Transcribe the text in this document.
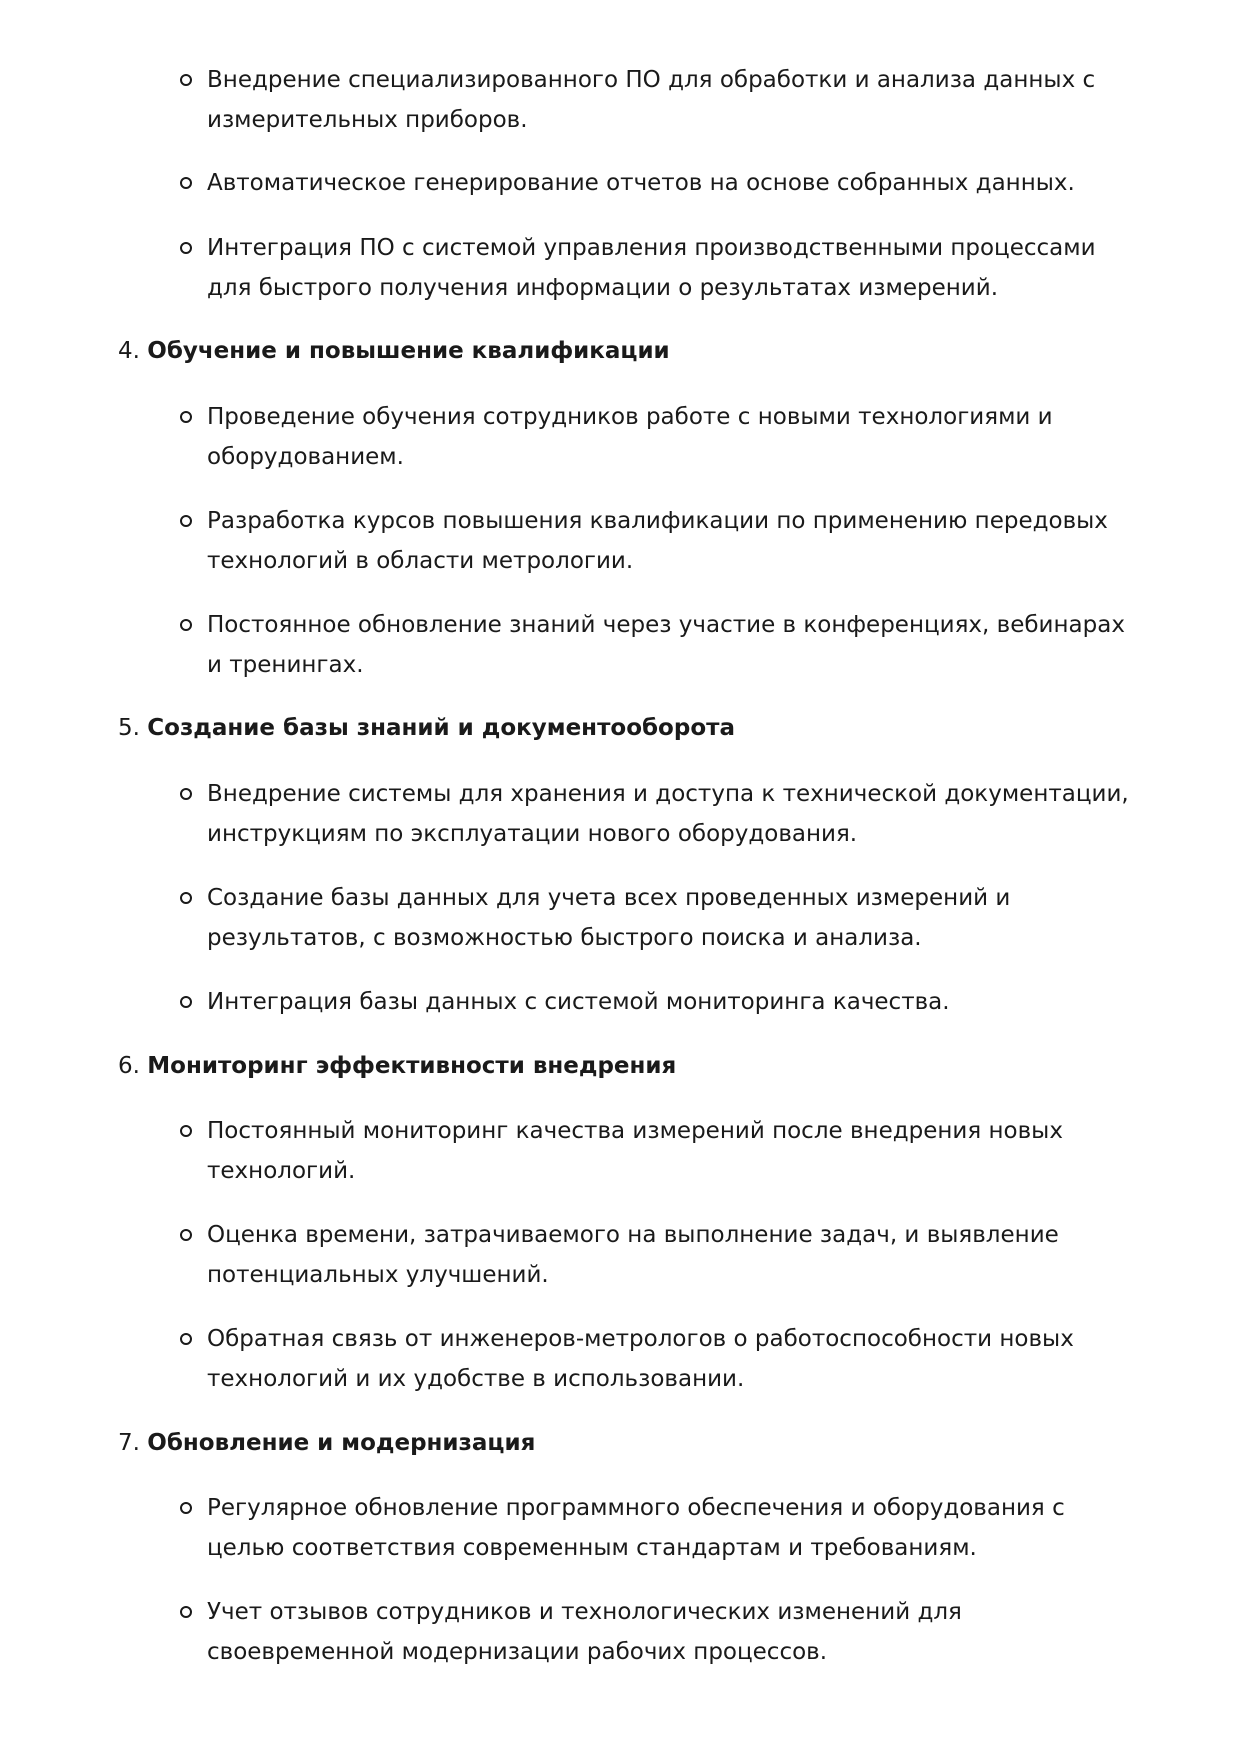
Внедрение специализированного ПО для обработки и анализа данных с измерительных приборов.
Автоматическое генерирование отчетов на основе собранных данных.
Интеграция ПО с системой управления производственными процессами для быстрого получения информации о результатах измерений.
4. Обучение и повышение квалификации
Проведение обучения сотрудников работе с новыми технологиями и оборудованием.
Разработка курсов повышения квалификации по применению передовых технологий в области метрологии.
Постоянное обновление знаний через участие в конференциях, вебинарах и тренингах.
5. Создание базы знаний и документооборота
Внедрение системы для хранения и доступа к технической документации, инструкциям по эксплуатации нового оборудования.
Создание базы данных для учета всех проведенных измерений и результатов, с возможностью быстрого поиска и анализа.
Интеграция базы данных с системой мониторинга качества.
6. Мониторинг эффективности внедрения
Постоянный мониторинг качества измерений после внедрения новых технологий.
Оценка времени, затрачиваемого на выполнение задач, и выявление потенциальных улучшений.
Обратная связь от инженеров-метрологов о работоспособности новых технологий и их удобстве в использовании.
7. Обновление и модернизация
Регулярное обновление программного обеспечения и оборудования с целью соответствия современным стандартам и требованиям.
Учет отзывов сотрудников и технологических изменений для своевременной модернизации рабочих процессов.
